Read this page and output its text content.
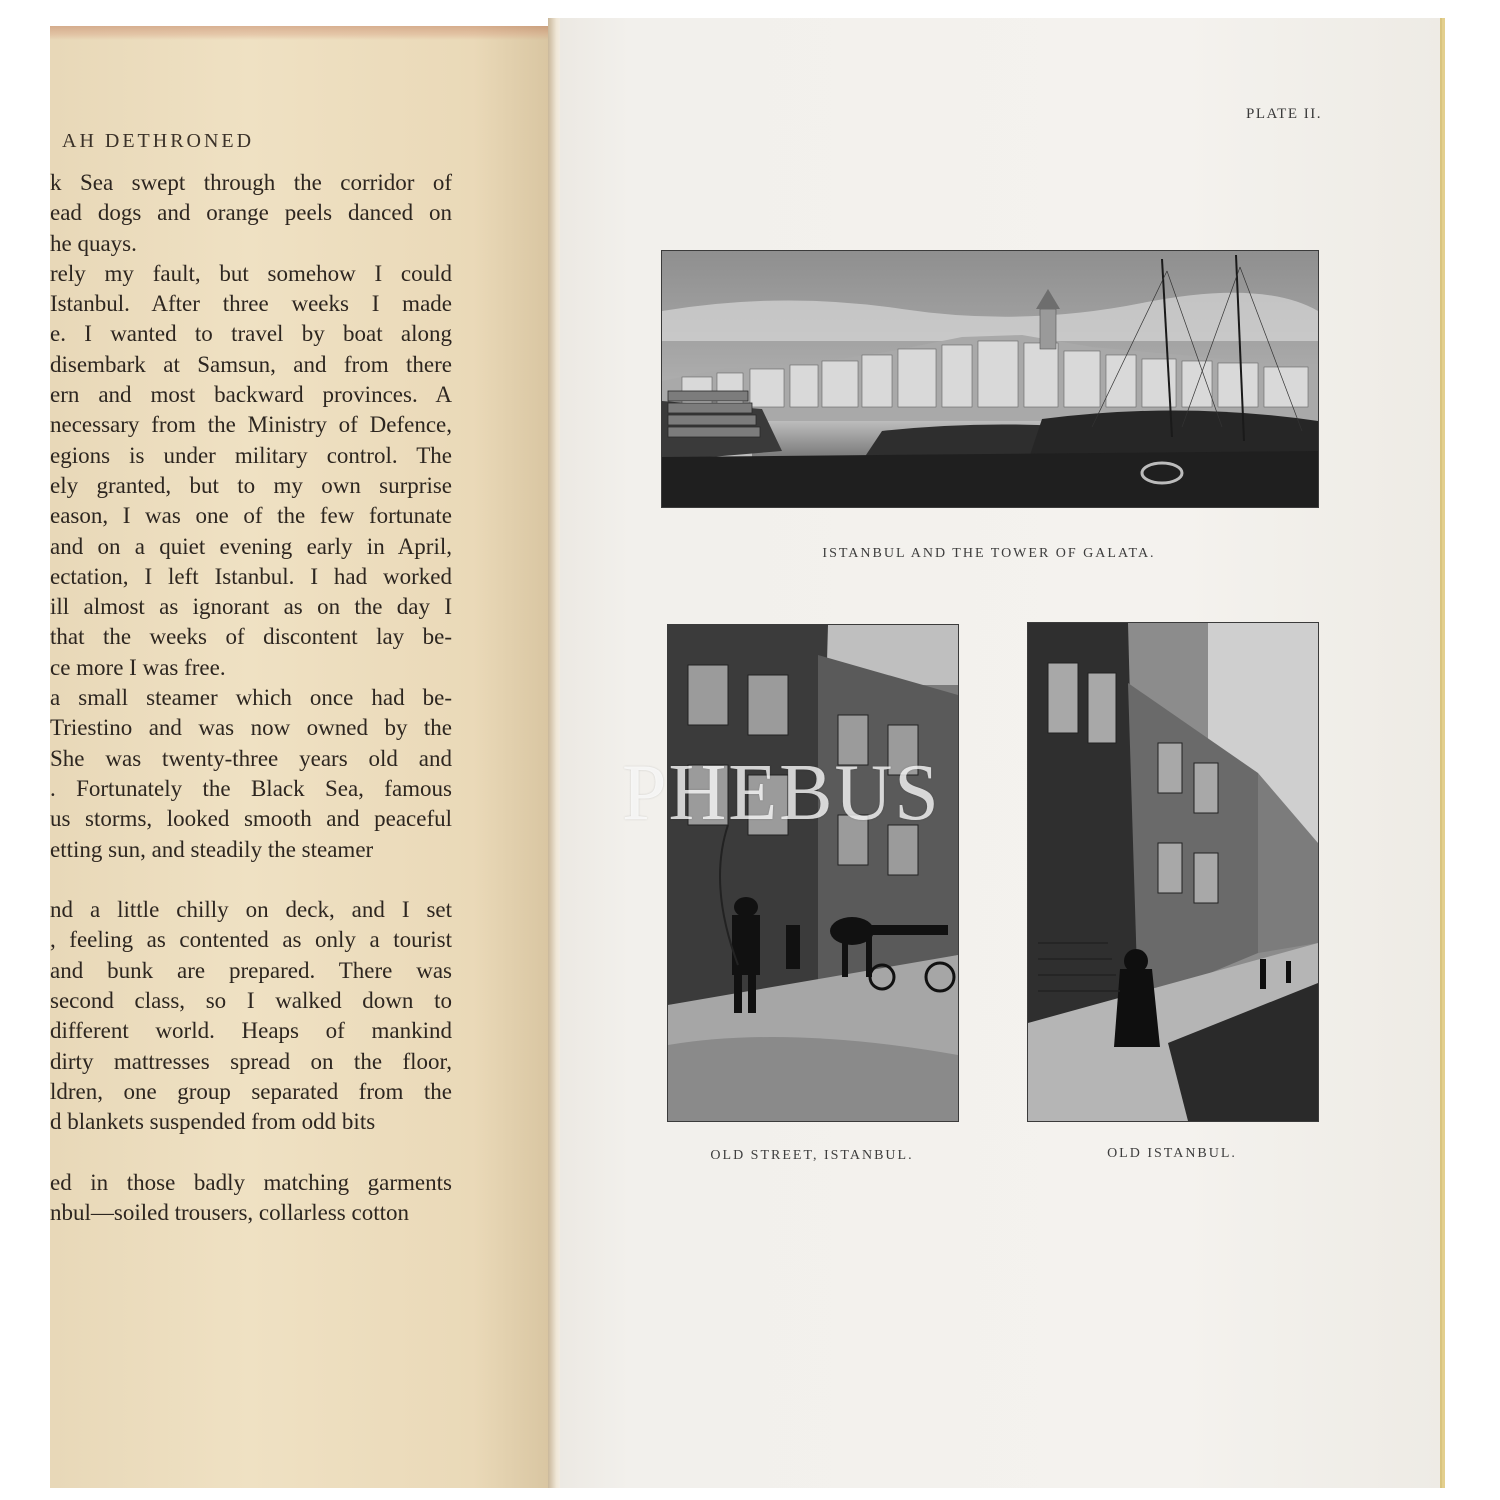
AH DETHRONED
k Sea swept through the corridor of
ead dogs and orange peels danced on
he quays.
rely my fault, but somehow I could
Istanbul. After three weeks I made
e. I wanted to travel by boat along
disembark at Samsun, and from there
ern and most backward provinces. A
necessary from the Ministry of Defence,
egions is under military control. The
ely granted, but to my own surprise
eason, I was one of the few fortunate
and on a quiet evening early in April,
ectation, I left Istanbul. I had worked
ill almost as ignorant as on the day I
that the weeks of discontent lay be-
ce more I was free.
a small steamer which once had be-
Triestino and was now owned by the
She was twenty-three years old and
. Fortunately the Black Sea, famous
us storms, looked smooth and peaceful
etting sun, and steadily the steamer
nd a little chilly on deck, and I set
, feeling as contented as only a tourist
and bunk are prepared. There was
second class, so I walked down to
different world. Heaps of mankind
dirty mattresses spread on the floor,
ldren, one group separated from the
d blankets suspended from odd bits
ed in those badly matching garments
nbul—soiled trousers, collarless cotton
PLATE II.
ISTANBUL AND THE TOWER OF GALATA.
OLD STREET, ISTANBUL.	OLD ISTANBUL.
PHEBUS
